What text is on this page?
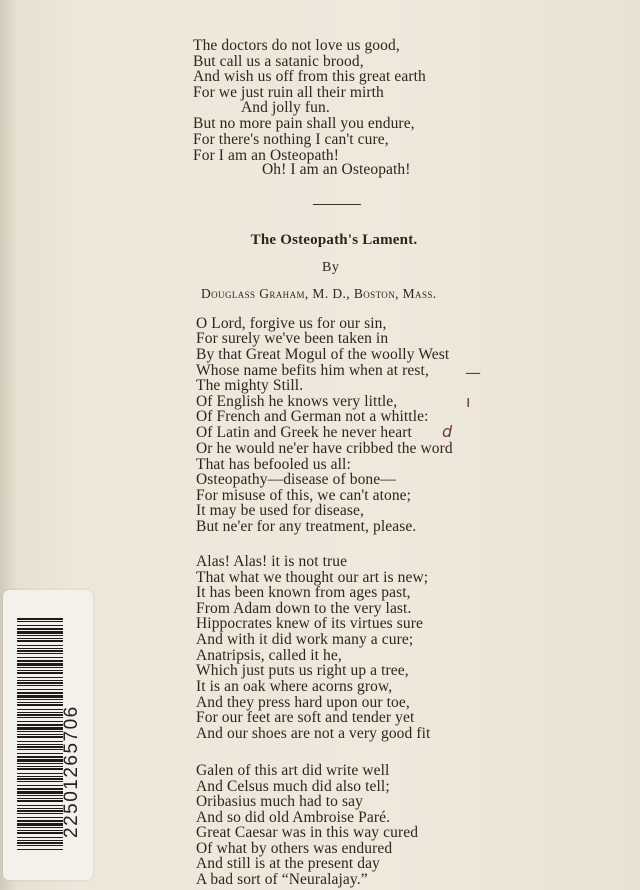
The doctors do not love us good,
But call us a satanic brood,
And wish us off from this great earth
For we just ruin all their mirth
And jolly fun.
But no more pain shall you endure,
For there's nothing I can't cure,
For I am an Osteopath!
Oh! I am an Osteopath!
The Osteopath's Lament.
By
Douglass Graham, M. D., Boston, Mass.
O Lord, forgive us for our sin,
For surely we've been taken in
By that Great Mogul of the woolly West
Whose name befits him when at rest,
The mighty Still.
Of English he knows very little,
Of French and German not a whittle:
Of Latin and Greek he never heart
Or he would ne'er have cribbed the word
That has befooled us all:
Osteopathy—disease of bone—
For misuse of this, we can't atone;
It may be used for disease,
But ne'er for any treatment, please.
Alas! Alas! it is not true
That what we thought our art is new;
It has been known from ages past,
From Adam down to the very last.
Hippocrates knew of its virtues sure
And with it did work many a cure;
Anatripsis, called it he,
Which just puts us right up a tree,
It is an oak where acorns grow,
And they press hard upon our toe,
For our feet are soft and tender yet
And our shoes are not a very good fit
Galen of this art did write well
And Celsus much did also tell;
Oribasius much had to say
And so did old Ambroise Paré.
Great Caesar was in this way cured
Of what by others was endured
And still is at the present day
A bad sort of “Neuralajay.”
—
ı
d
22501265706
